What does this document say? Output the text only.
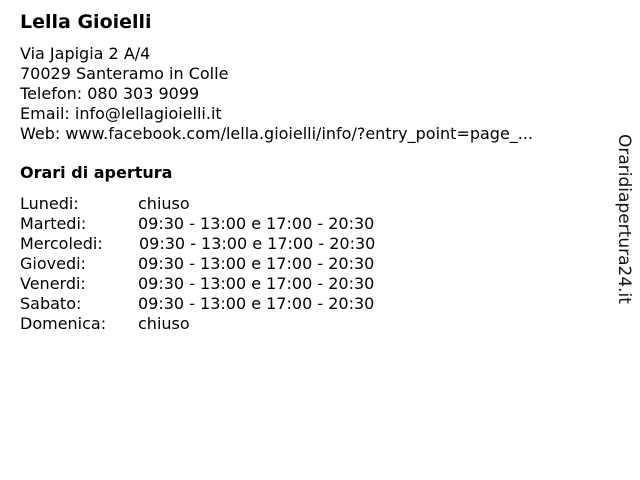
Lella Gioielli
Via Japigia 2 A/4
70029 Santeramo in Colle
Telefon: 080 303 9099
Email: info@lellagioielli.it
Web: www.facebook.com/lella.gioielli/info/?entry_point=page_...
Orari di apertura
Lunedi:	chiuso
Martedi:	09:30 - 13:00 e 17:00 - 20:30
Mercoledi: 09:30 - 13:00 e 17:00 - 20:30
Giovedi:	09:30 - 13:00 e 17:00 - 20:30
Venerdi:	09:30 - 13:00 e 17:00 - 20:30
Sabato:	09:30 - 13:00 e 17:00 - 20:30
Domenica: chiuso
Oraridiapertura24.it
